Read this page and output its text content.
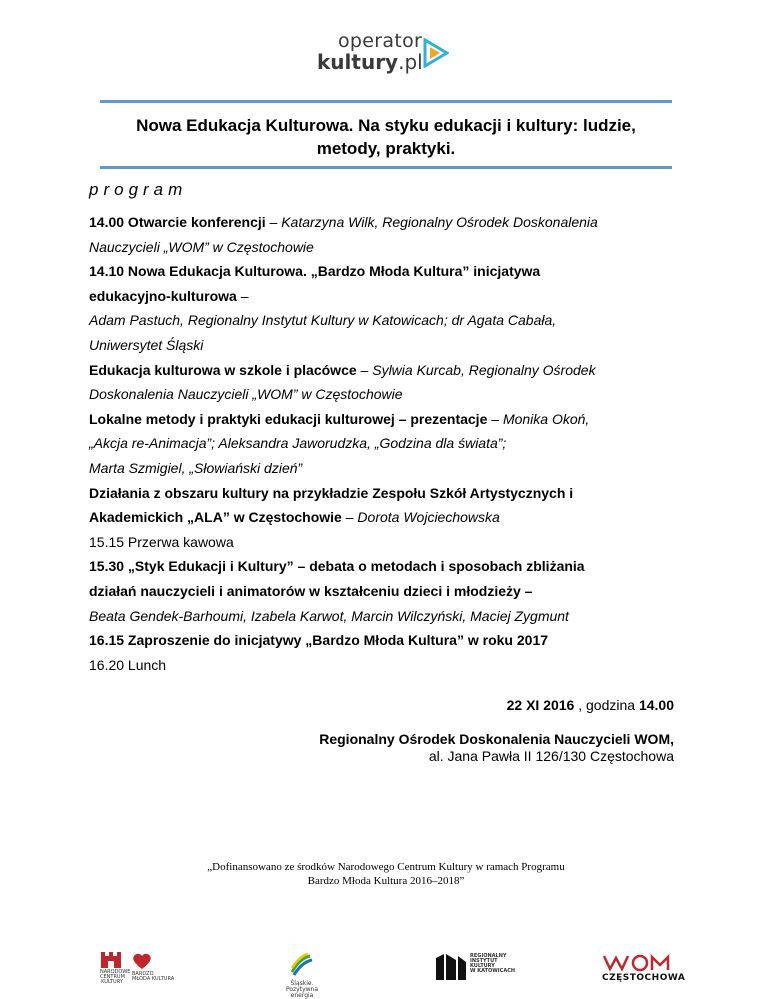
operator
kultury.pl
Nowa Edukacja Kulturowa. Na styku edukacji i kultury: ludzie,
metody, praktyki.
program
14.00 Otwarcie konferencji – Katarzyna Wilk, Regionalny Ośrodek Doskonalenia
Nauczycieli „WOM” w Częstochowie
14.10 Nowa Edukacja Kulturowa. „Bardzo Młoda Kultura” inicjatywa
edukacyjno-kulturowa –
Adam Pastuch, Regionalny Instytut Kultury w Katowicach; dr Agata Cabała,
Uniwersytet Śląski
Edukacja kulturowa w szkole i placówce – Sylwia Kurcab, Regionalny Ośrodek
Doskonalenia Nauczycieli „WOM” w Częstochowie
Lokalne metody i praktyki edukacji kulturowej – prezentacje – Monika Okoń,
„Akcja re-Animacja”; Aleksandra Jaworudzka, „Godzina dla świata”;
Marta Szmigiel, „Słowiański dzień”
Działania z obszaru kultury na przykładzie Zespołu Szkół Artystycznych i
Akademickich „ALA” w Częstochowie – Dorota Wojciechowska
15.15 Przerwa kawowa
15.30 „Styk Edukacji i Kultury” – debata o metodach i sposobach zbliżania
działań nauczycieli i animatorów w kształceniu dzieci i młodzieży –
Beata Gendek-Barhoumi, Izabela Karwot, Marcin Wilczyński, Maciej Zygmunt
16.15 Zaproszenie do inicjatywy „Bardzo Młoda Kultura” w roku 2017
16.20 Lunch
22 XI 2016 , godzina 14.00
Regionalny Ośrodek Doskonalenia Nauczycieli WOM,
al. Jana Pawła II 126/130 Częstochowa
„Dofinansowano ze środków Narodowego Centrum Kultury w ramach Programu
Bardzo Młoda Kultura 2016–2018”
NARODOWE
CENTRUM
KULTURY
BARDZO
MŁODA KULTURA
Śląskie.
Pozytywna energia
REGIONALNY
INSTYTUT
KULTURY
W KATOWICACH
CZĘSTOCHOWA
